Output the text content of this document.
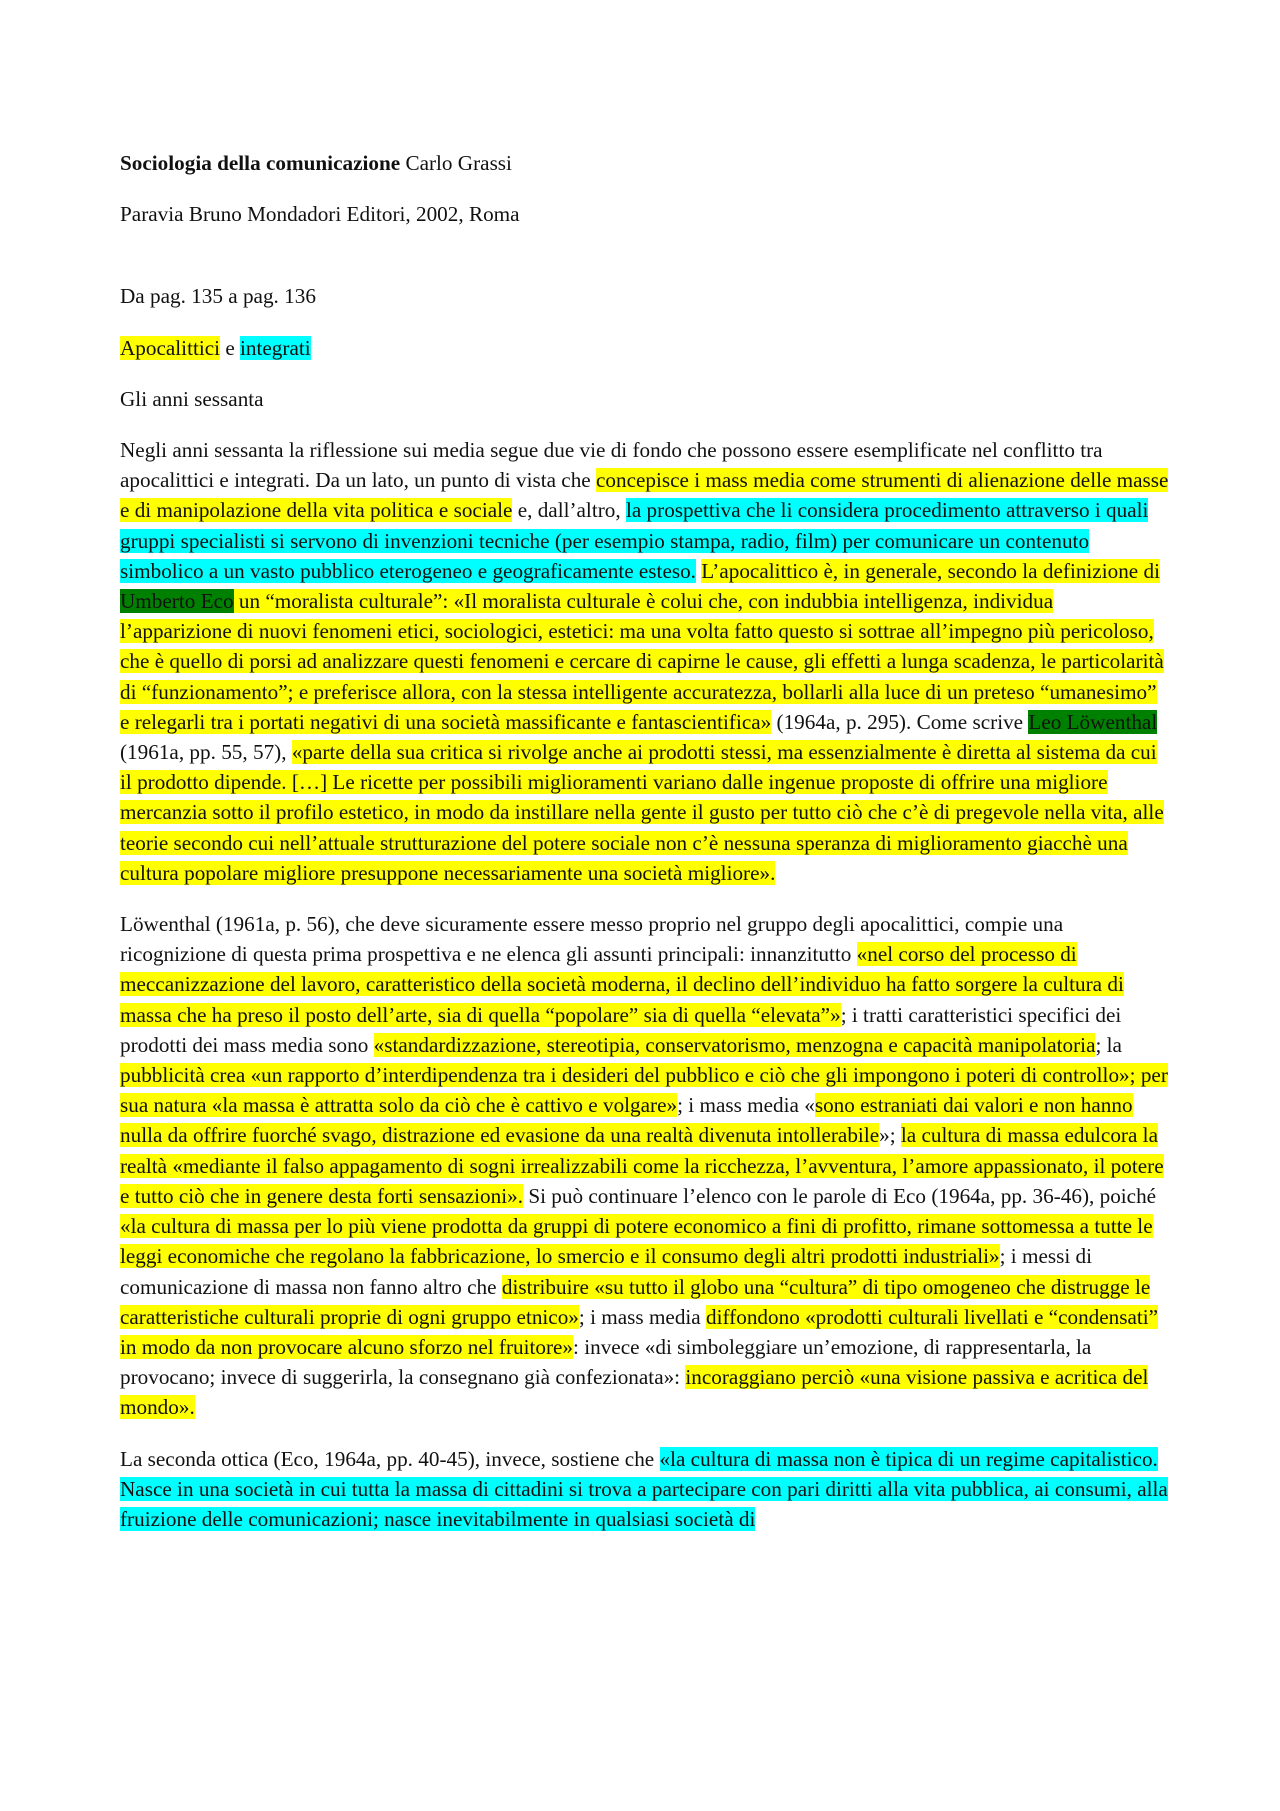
Sociologia della comunicazione Carlo Grassi

Paravia Bruno Mondadori Editori, 2002, Roma

Da pag. 135 a pag. 136

Apocalittici e integrati

Gli anni sessanta

Negli anni sessanta la riflessione sui media segue due vie di fondo che possono essere esemplificate nel conflitto tra apocalittici e integrati. Da un lato, un punto di vista che concepisce i mass media come strumenti di alienazione delle masse e di manipolazione della vita politica e sociale e, dall’altro, la prospettiva che li considera procedimento attraverso i quali gruppi specialisti si servono di invenzioni tecniche (per esempio stampa, radio, film) per comunicare un contenuto simbolico a un vasto pubblico eterogeneo e geograficamente esteso. L’apocalittico è, in generale, secondo la definizione di Umberto Eco un “moralista culturale”: «Il moralista culturale è colui che, con indubbia intelligenza, individua l’apparizione di nuovi fenomeni etici, sociologici, estetici: ma una volta fatto questo si sottrae all’impegno più pericoloso, che è quello di porsi ad analizzare questi fenomeni e cercare di capirne le cause, gli effetti a lunga scadenza, le particolarità di “funzionamento”; e preferisce allora, con la stessa intelligente accuratezza, bollarli alla luce di un preteso “umanesimo” e relegarli tra i portati negativi di una società massificante e fantascientifica» (1964a, p. 295). Come scrive Leo Löwenthal (1961a, pp. 55, 57), «parte della sua critica si rivolge anche ai prodotti stessi, ma essenzialmente è diretta al sistema da cui il prodotto dipende. […] Le ricette per possibili miglioramenti variano dalle ingenue proposte di offrire una migliore mercanzia sotto il profilo estetico, in modo da instillare nella gente il gusto per tutto ciò che c’è di pregevole nella vita, alle teorie secondo cui nell’attuale strutturazione del potere sociale non c’è nessuna speranza di miglioramento giacchè una cultura popolare migliore presuppone necessariamente una società migliore».

Löwenthal (1961a, p. 56), che deve sicuramente essere messo proprio nel gruppo degli apocalittici, compie una ricognizione di questa prima prospettiva e ne elenca gli assunti principali: innanzitutto «nel corso del processo di meccanizzazione del lavoro, caratteristico della società moderna, il declino dell’individuo ha fatto sorgere la cultura di massa che ha preso il posto dell’arte, sia di quella “popolare” sia di quella “elevata”»; i tratti caratteristici specifici dei prodotti dei mass media sono «standardizzazione, stereotipia, conservatorismo, menzogna e capacità manipolatoria; la pubblicità crea «un rapporto d’interdipendenza tra i desideri del pubblico e ciò che gli impongono i poteri di controllo»; per sua natura «la massa è attratta solo da ciò che è cattivo e volgare»; i mass media «sono estraniati dai valori e non hanno nulla da offrire fuorché svago, distrazione ed evasione da una realtà divenuta intollerabile»; la cultura di massa edulcora la realtà «mediante il falso appagamento di sogni irrealizzabili come la ricchezza, l’avventura, l’amore appassionato, il potere e tutto ciò che in genere desta forti sensazioni». Si può continuare l’elenco con le parole di Eco (1964a, pp. 36-46), poiché «la cultura di massa per lo più viene prodotta da gruppi di potere economico a fini di profitto, rimane sottomessa a tutte le leggi economiche che regolano la fabbricazione, lo smercio e il consumo degli altri prodotti industriali»; i messi di comunicazione di massa non fanno altro che distribuire «su tutto il globo una “cultura” di tipo omogeneo che distrugge le caratteristiche culturali proprie di ogni gruppo etnico»; i mass media diffondono «prodotti culturali livellati e “condensati” in modo da non provocare alcuno sforzo nel fruitore»: invece «di simboleggiare un’emozione, di rappresentarla, la provocano; invece di suggerirla, la consegnano già confezionata»: incoraggiano perciò «una visione passiva e acritica del mondo».

La seconda ottica (Eco, 1964a, pp. 40-45), invece, sostiene che «la cultura di massa non è tipica di un regime capitalistico. Nasce in una società in cui tutta la massa di cittadini si trova a partecipare con pari diritti alla vita pubblica, ai consumi, alla fruizione delle comunicazioni; nasce inevitabilmente in qualsiasi società di
